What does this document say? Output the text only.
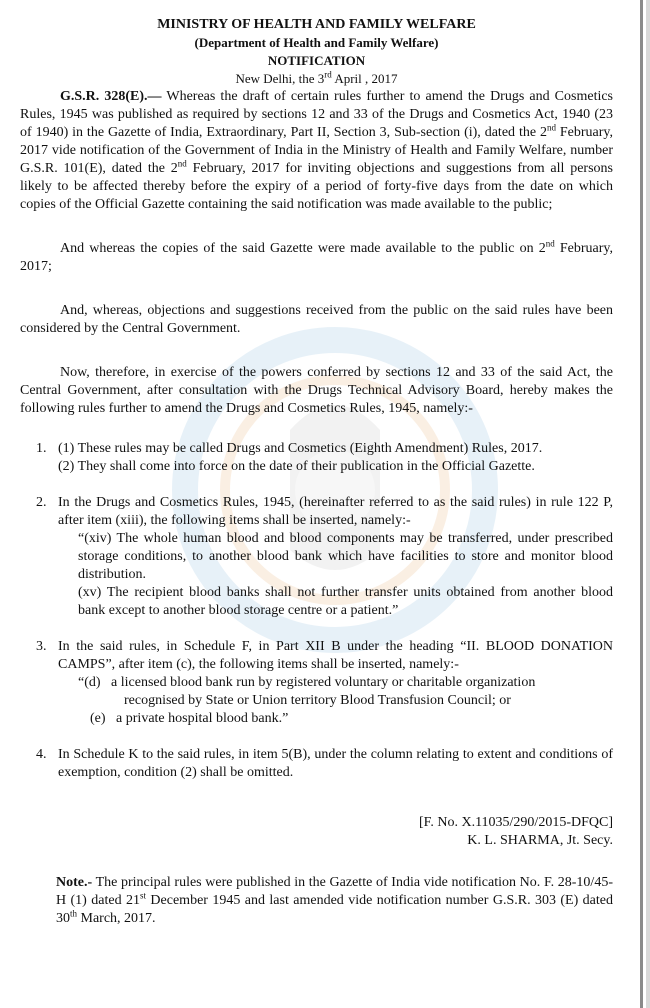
MINISTRY OF HEALTH AND FAMILY WELFARE
(Department of Health and Family Welfare)
NOTIFICATION
New Delhi, the 3rd April , 2017

G.S.R. 328(E).— Whereas the draft of certain rules further to amend the Drugs and Cosmetics Rules, 1945 was published as required by sections 12 and 33 of the Drugs and Cosmetics Act, 1940 (23 of 1940) in the Gazette of India, Extraordinary, Part II, Section 3, Sub-section (i), dated the 2nd February, 2017 vide notification of the Government of India in the Ministry of Health and Family Welfare, number G.S.R. 101(E), dated the 2nd February, 2017 for inviting objections and suggestions from all persons likely to be affected thereby before the expiry of a period of forty-five days from the date on which copies of the Official Gazette containing the said notification was made available to the public;

And whereas the copies of the said Gazette were made available to the public on 2nd February, 2017;

And, whereas, objections and suggestions received from the public on the said rules have been considered by the Central Government.

Now, therefore, in exercise of the powers conferred by sections 12 and 33 of the said Act, the Central Government, after consultation with the Drugs Technical Advisory Board, hereby makes the following rules further to amend the Drugs and Cosmetics Rules, 1945, namely:-

1. (1) These rules may be called Drugs and Cosmetics (Eighth Amendment) Rules, 2017.
(2) They shall come into force on the date of their publication in the Official Gazette.
2. In the Drugs and Cosmetics Rules, 1945, (hereinafter referred to as the said rules) in rule 122 P, after item (xiii), the following items shall be inserted, namely:-
“(xiv) The whole human blood and blood components may be transferred, under prescribed storage conditions, to another blood bank which have facilities to store and monitor blood distribution.
(xv) The recipient blood banks shall not further transfer units obtained from another blood bank except to another blood storage centre or a patient.”
3. In the said rules, in Schedule F, in Part XII B under the heading “II. BLOOD DONATION CAMPS”, after item (c), the following items shall be inserted, namely:-
“(d) a licensed blood bank run by registered voluntary or charitable organization
recognised by State or Union territory Blood Transfusion Council; or
(e) a private hospital blood bank.”
4. In Schedule K to the said rules, in item 5(B), under the column relating to extent and conditions of exemption, condition (2) shall be omitted.
[F. No. X.11035/290/2015-DFQC]
K. L. SHARMA, Jt. Secy.

Note.- The principal rules were published in the Gazette of India vide notification No. F. 28-10/45-H (1) dated 21st December 1945 and last amended vide notification number G.S.R. 303 (E) dated 30th March, 2017.
